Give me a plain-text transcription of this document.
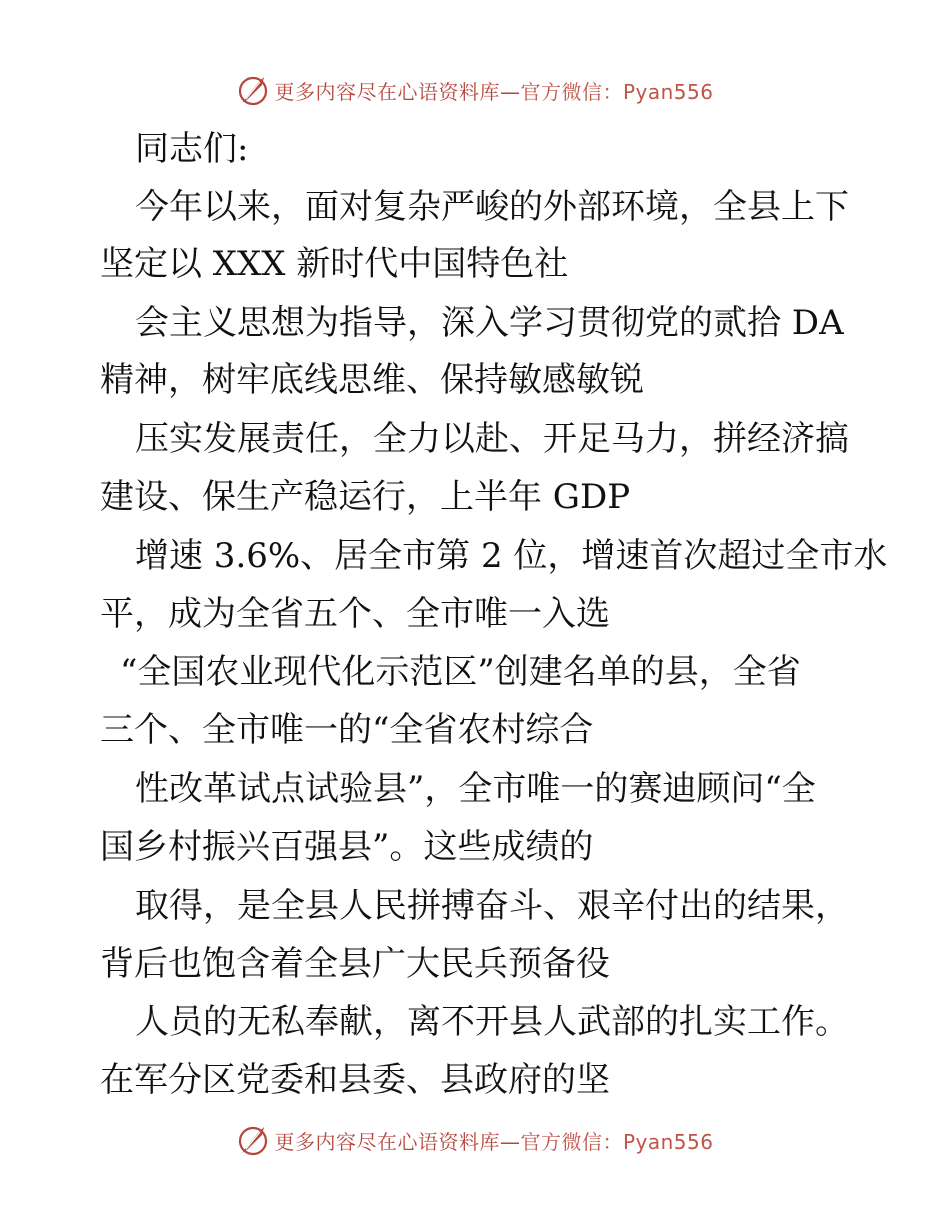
更多内容尽在心语资料库—官方微信：Pyan556
同志们:
今年以来，面对复杂严峻的外部环境，全县上下
坚定以 XXX 新时代中国特色社
会主义思想为指导，深入学习贯彻党的贰拾 DA
精神，树牢底线思维、保持敏感敏锐
压实发展责任，全力以赴、开足马力，拼经济搞
建设、保生产稳运行，上半年 GDP
增速 3.6%、居全市第 2 位，增速首次超过全市水
平，成为全省五个、全市唯一入选
“全国农业现代化示范区”创建名单的县，全省
三个、全市唯一的“全省农村综合
性改革试点试验县”，全市唯一的赛迪顾问“全
国乡村振兴百强县”。这些成绩的
取得，是全县人民拼搏奋斗、艰辛付出的结果，
背后也饱含着全县广大民兵预备役
人员的无私奉献，离不开县人武部的扎实工作。
在军分区党委和县委、县政府的坚
更多内容尽在心语资料库—官方微信：Pyan556
